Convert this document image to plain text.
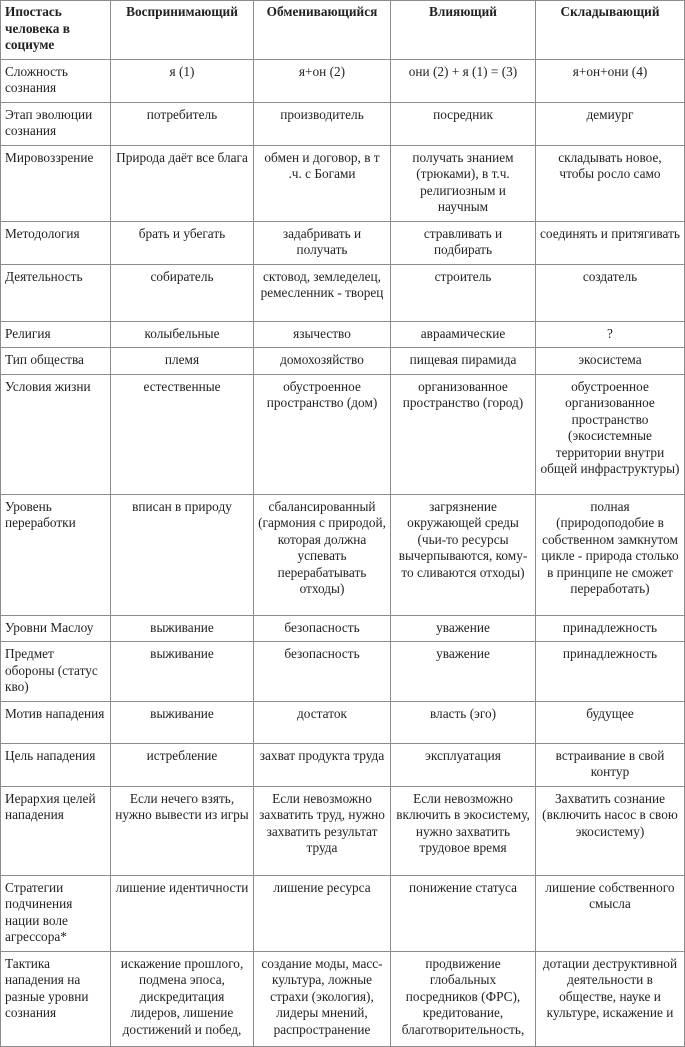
Ипостась человека в социуме	Воспринимающий	Обменивающийся	Влияющий	Складывающий
Сложность сознания	я (1)	я+он (2)	они (2) + я (1) = (3)	я+он+они (4)
Этап эволюции сознания	потребитель	производитель	посредник	демиург
Мировоззрение	Природа даёт все блага	обмен и договор, в т .ч. с Богами	получать знанием (трюками), в т.ч. религиозным и научным	складывать новое, чтобы росло само
Методология	брать и убегать	задабривать и получать	стравливать и подбирать	соединять и притягивать
Деятельность	собиратель	сктовод, земледелец, ремесленник - творец	строитель	создатель
Религия	колыбельные	язычество	авраамические	?
Тип общества	племя	домохозяйство	пищевая пирамида	экосистема
Условия жизни	естественные	обустроенное пространство (дом)	организованное пространство (город)	обустроенное организованное пространство (экосистемные территории внутри общей инфраструктуры)
Уровень переработки	вписан в природу	сбалансированный (гармония с природой, которая должна успевать перерабатывать отходы)	загрязнение окружающей среды (чьи-то ресурсы вычерпываются, кому-то сливаются отходы)	полная (природоподобие в собственном замкнутом цикле - природа столько в принципе не сможет переработать)
Уровни Маслоу	выживание	безопасность	уважение	принадлежность
Предмет обороны (статус кво)	выживание	безопасность	уважение	принадлежность
Мотив нападения	выживание	достаток	власть (эго)	будущее
Цель нападения	истребление	захват продукта труда	эксплуатация	встраивание в свой контур
Иерархия целей нападения	Если нечего взять, нужно вывести из игры	Если невозможно захватить труд, нужно захватить результат труда	Если невозможно включить в экосистему, нужно захватить трудовое время	Захватить сознание (включить насос в свою экосистему)
Стратегии подчинения нации воле агрессора*	лишение идентичности	лишение ресурса	понижение статуса	лишение собственного смысла
Тактика нападения на разные уровни сознания	искажение прошлого, подмена эпоса, дискредитация лидеров, лишение достижений и побед,	создание моды, масс-культура, ложные страхи (экология), лидеры мнений, распространение	продвижение глобальных посредников (ФРС), кредитование, благотворительность,	дотации деструктивной деятельности в обществе, науке и культуре, искажение и
